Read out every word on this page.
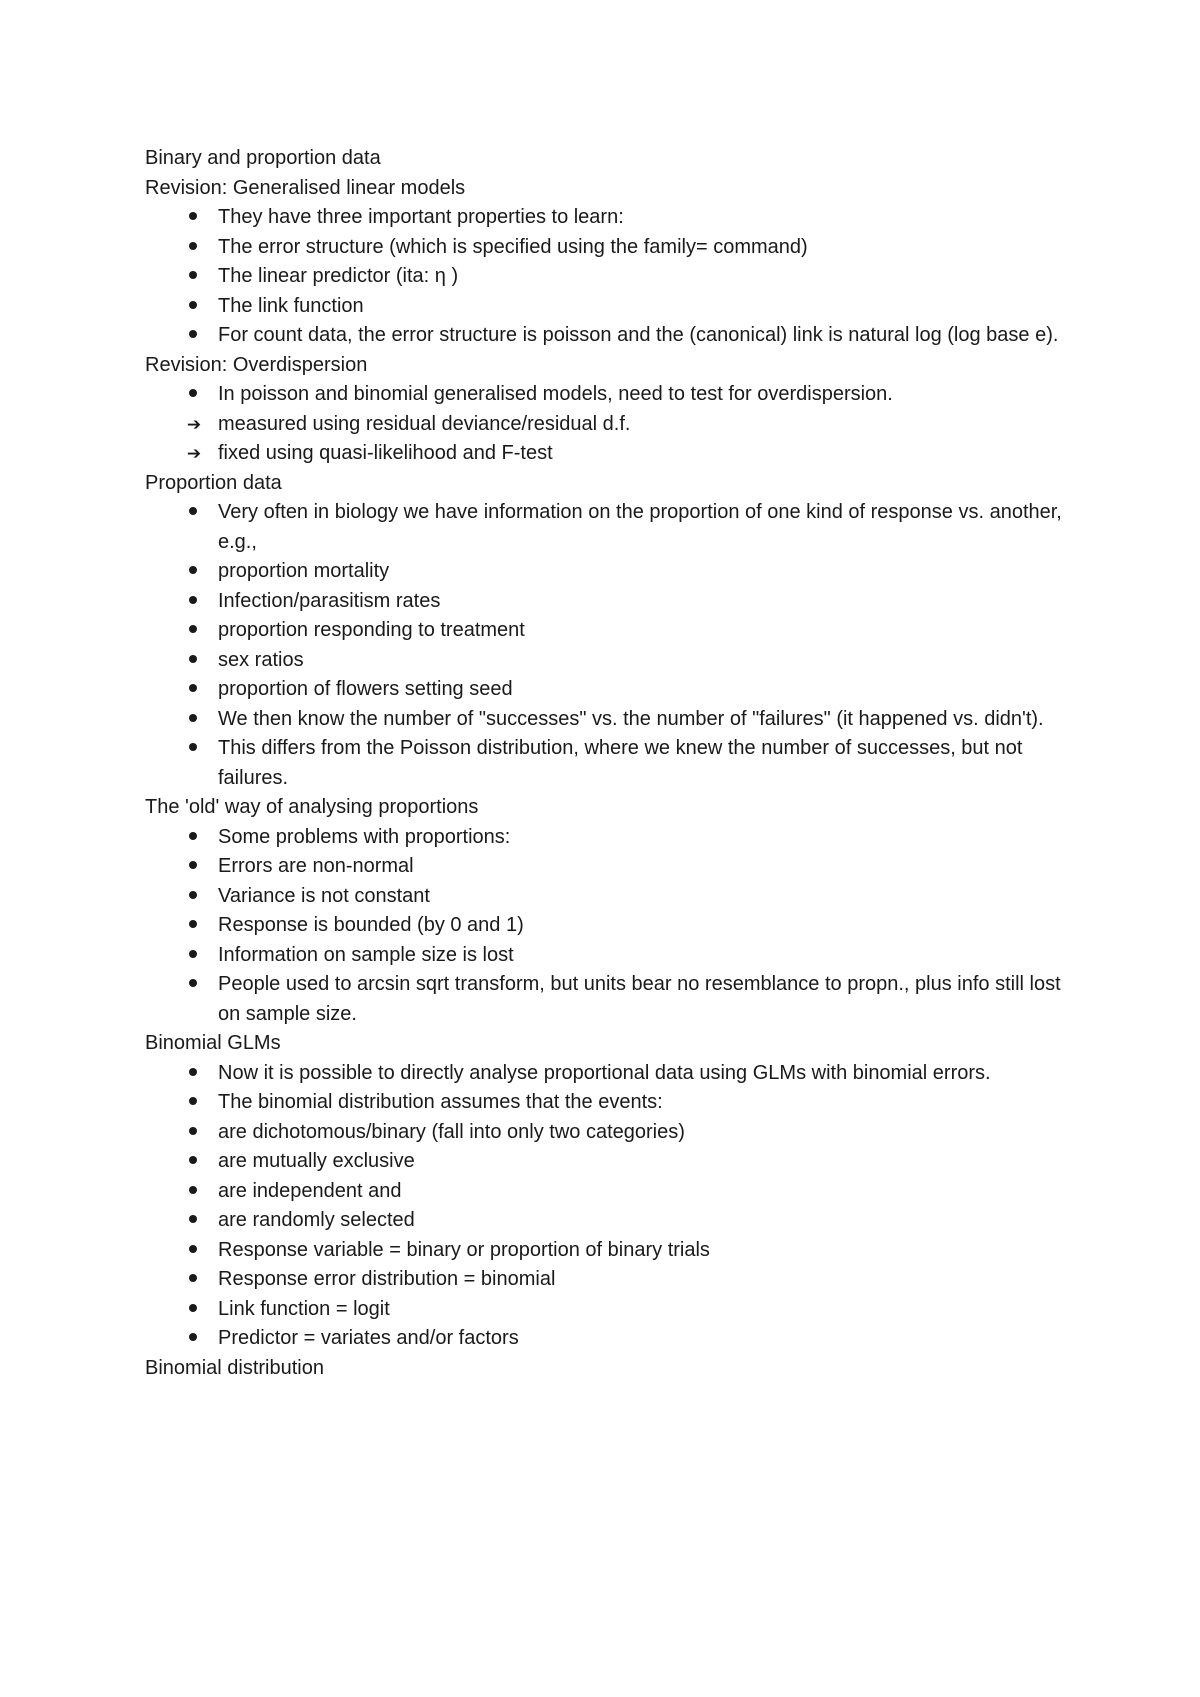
Binary and proportion data
Revision: Generalised linear models
They have three important properties to learn:
The error structure (which is specified using the family= command)
The linear predictor (ita: η )
The link function
For count data, the error structure is poisson and the (canonical) link is natural log (log base e).
Revision: Overdispersion
In poisson and binomial generalised models, need to test for overdispersion.
➔
measured using residual deviance/residual d.f.
➔
fixed using quasi-likelihood and F-test
Proportion data
Very often in biology we have information on the proportion of one kind of response vs. another, e.g.,
proportion mortality
Infection/parasitism rates
proportion responding to treatment
sex ratios
proportion of flowers setting seed
We then know the number of "successes" vs. the number of "failures" (it happened vs. didn't).
This differs from the Poisson distribution, where we knew the number of successes, but not failures.
The 'old' way of analysing proportions
Some problems with proportions:
Errors are non-normal
Variance is not constant
Response is bounded (by 0 and 1)
Information on sample size is lost
People used to arcsin sqrt transform, but units bear no resemblance to propn., plus info still lost on sample size.
Binomial GLMs
Now it is possible to directly analyse proportional data using GLMs with binomial errors.
The binomial distribution assumes that the events:
are dichotomous/binary (fall into only two categories)
are mutually exclusive
are independent and
are randomly selected
Response variable = binary or proportion of binary trials
Response error distribution = binomial
Link function = logit
Predictor = variates and/or factors
Binomial distribution
